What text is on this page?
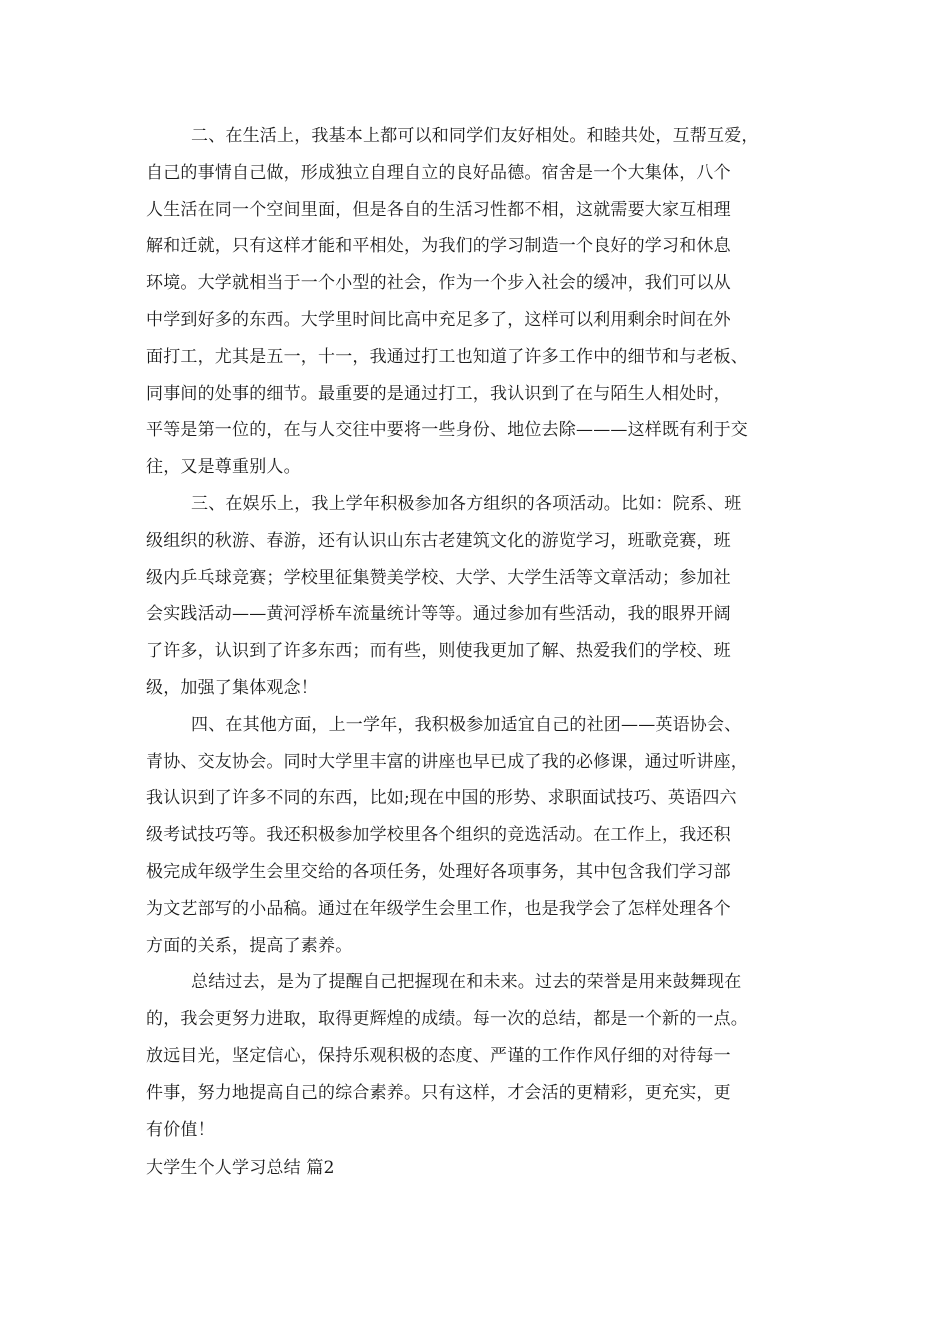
二、在生活上，我基本上都可以和同学们友好相处。和睦共处，互帮互爱，
自己的事情自己做，形成独立自理自立的良好品德。宿舍是一个大集体，八个
人生活在同一个空间里面，但是各自的生活习性都不相，这就需要大家互相理
解和迁就，只有这样才能和平相处，为我们的学习制造一个良好的学习和休息
环境。大学就相当于一个小型的社会，作为一个步入社会的缓冲，我们可以从
中学到好多的东西。大学里时间比高中充足多了，这样可以利用剩余时间在外
面打工，尤其是五一，十一，我通过打工也知道了许多工作中的细节和与老板、
同事间的处事的细节。最重要的是通过打工，我认识到了在与陌生人相处时，
平等是第一位的，在与人交往中要将一些身份、地位去除———这样既有利于交
往，又是尊重别人。
三、在娱乐上，我上学年积极参加各方组织的各项活动。比如：院系、班
级组织的秋游、春游，还有认识山东古老建筑文化的游览学习，班歌竞赛，班
级内乒乓球竞赛；学校里征集赞美学校、大学、大学生活等文章活动；参加社
会实践活动——黄河浮桥车流量统计等等。通过参加有些活动，我的眼界开阔
了许多，认识到了许多东西；而有些，则使我更加了解、热爱我们的学校、班
级，加强了集体观念！
四、在其他方面，上一学年，我积极参加适宜自己的社团——英语协会、
青协、交友协会。同时大学里丰富的讲座也早已成了我的必修课，通过听讲座，
我认识到了许多不同的东西，比如;现在中国的形势、求职面试技巧、英语四六
级考试技巧等。我还积极参加学校里各个组织的竞选活动。在工作上，我还积
极完成年级学生会里交给的各项任务，处理好各项事务，其中包含我们学习部
为文艺部写的小品稿。通过在年级学生会里工作，也是我学会了怎样处理各个
方面的关系，提高了素养。
总结过去，是为了提醒自己把握现在和未来。过去的荣誉是用来鼓舞现在
的，我会更努力进取，取得更辉煌的成绩。每一次的总结，都是一个新的一点。
放远目光，坚定信心，保持乐观积极的态度、严谨的工作作风仔细的对待每一
件事，努力地提高自己的综合素养。只有这样，才会活的更精彩，更充实，更
有价值！
大学生个人学习总结 篇2
